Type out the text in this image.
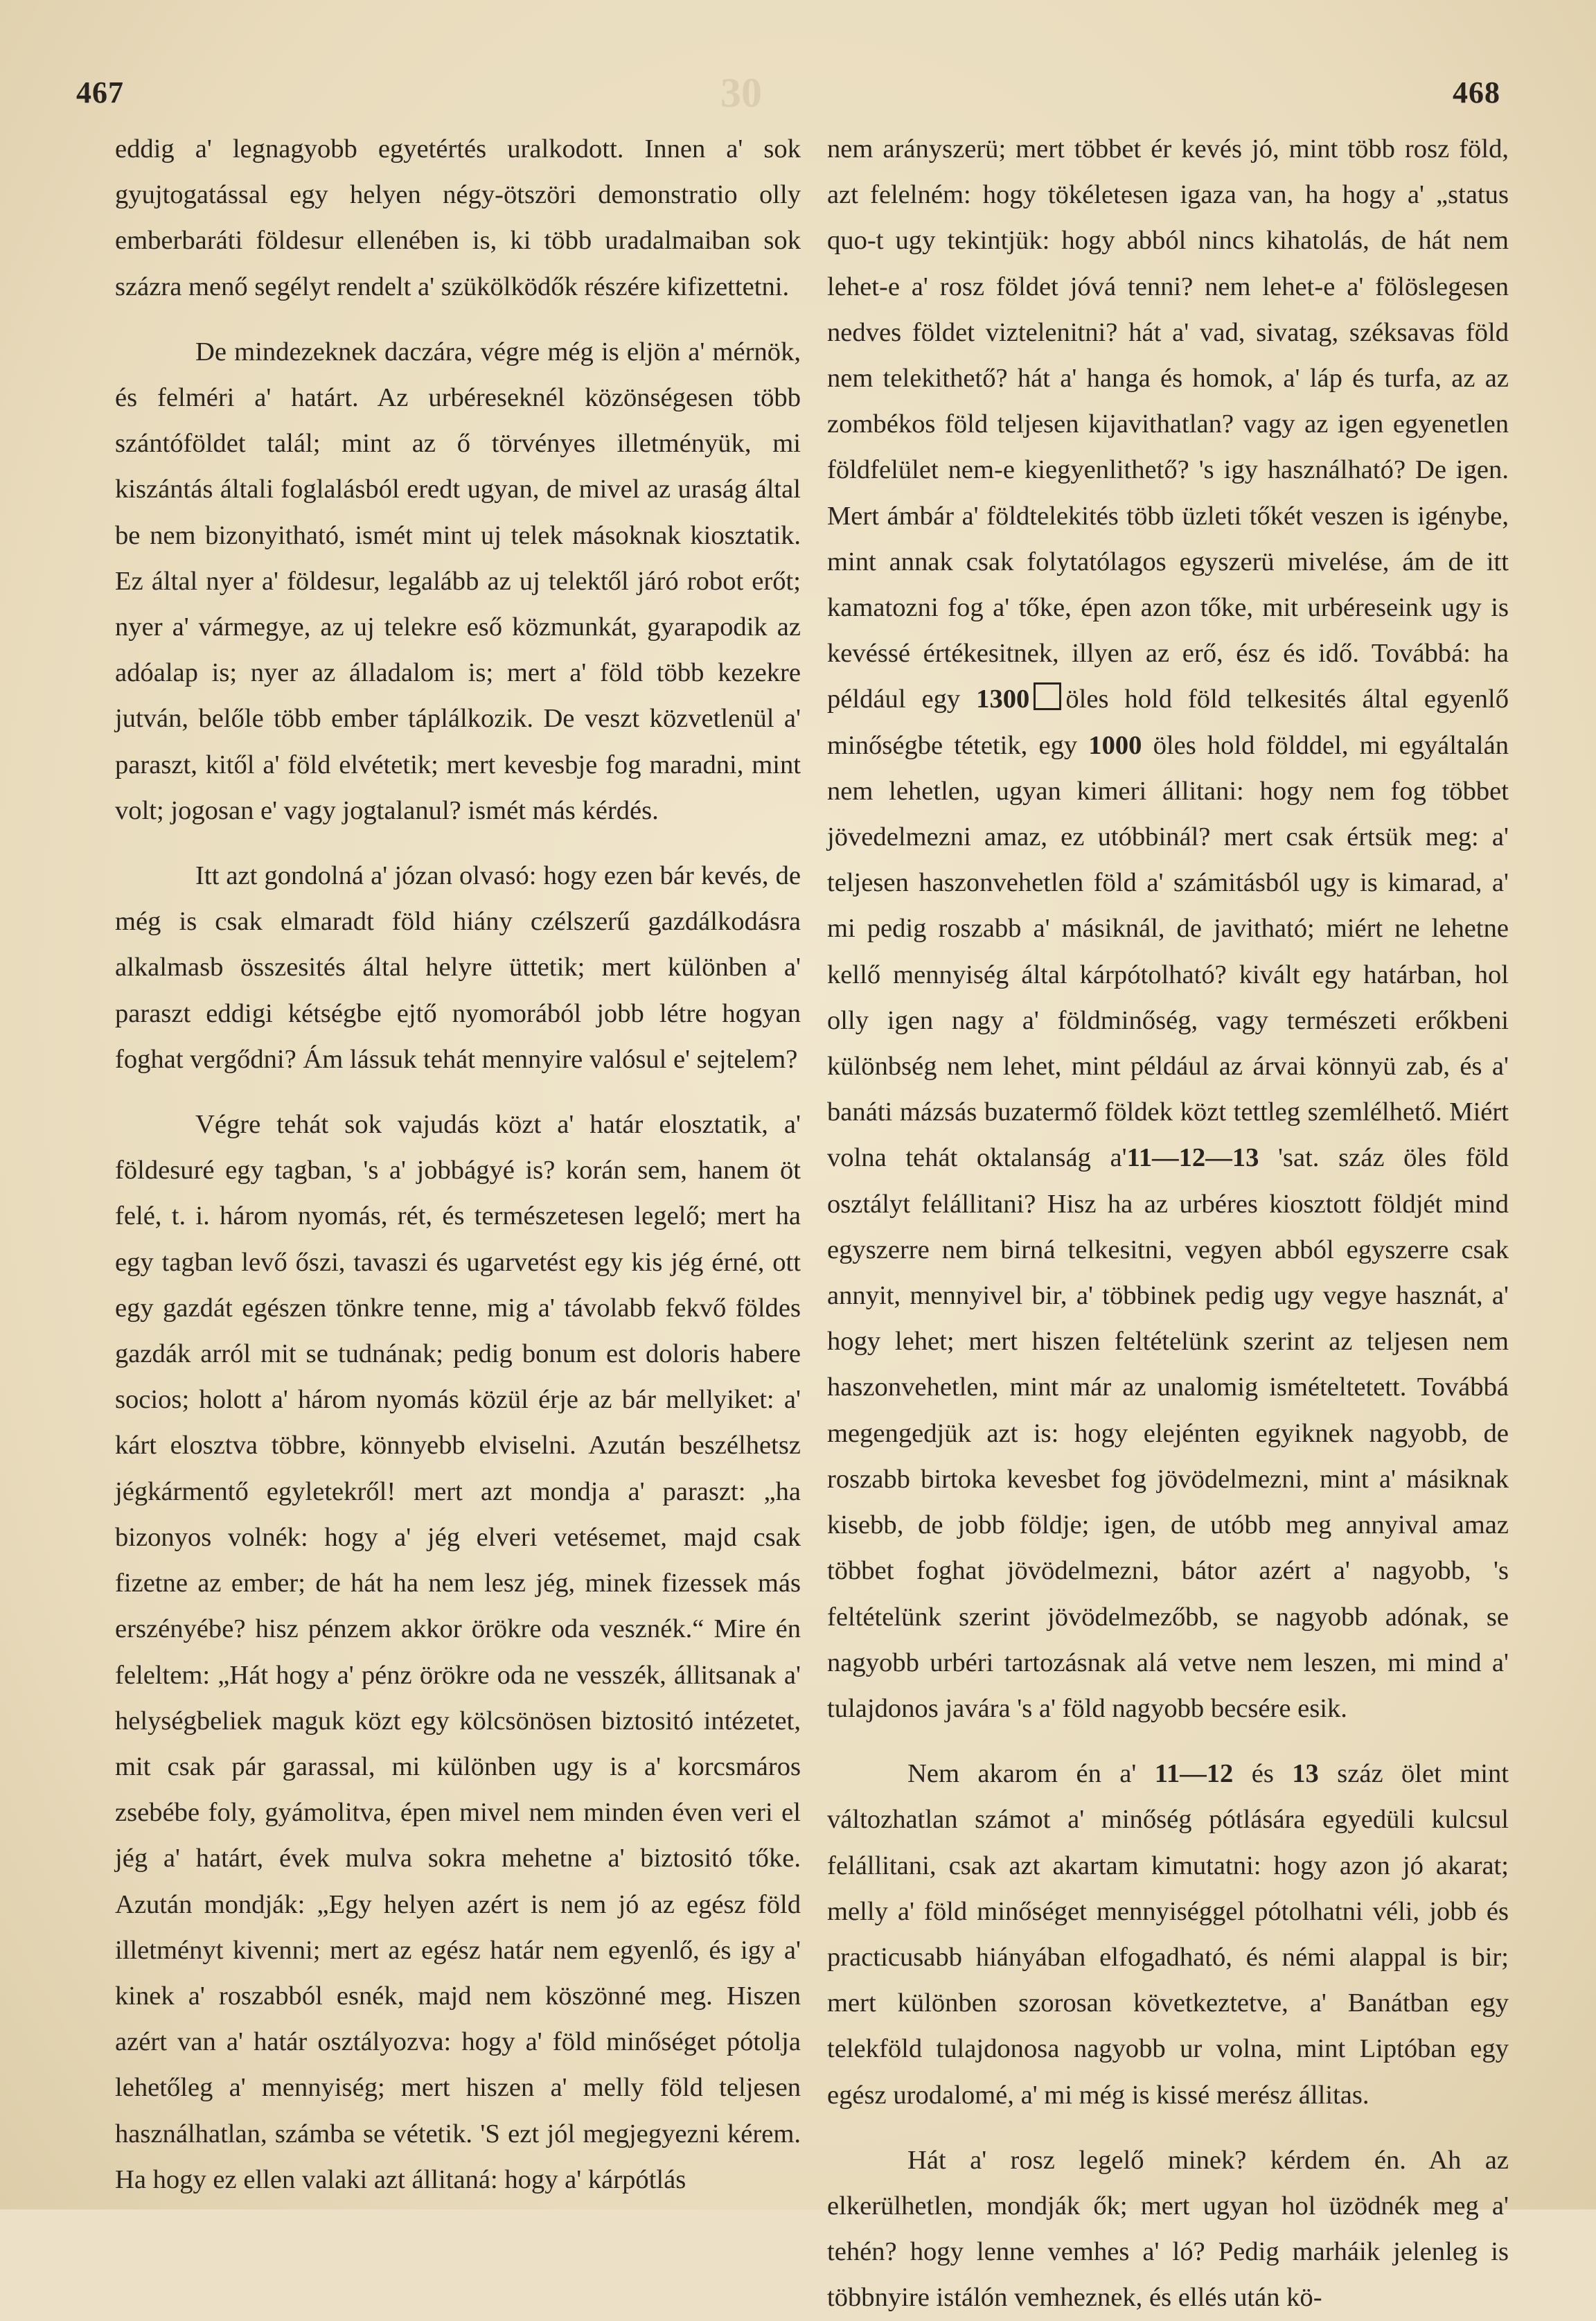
30
467	468

eddig a' legnagyobb egyetértés uralkodott. Innen a' sok gyujtogatással egy helyen négy-ötszöri demonstratio olly emberbaráti földesur ellenében is, ki több uradalmaiban sok százra menő segélyt rendelt a' szükölködők részére kifizettetni.

De mindezeknek daczára, végre még is eljön a' mérnök, és felméri a' határt. Az urbéreseknél közönségesen több szántóföldet talál; mint az ő törvényes illetményük, mi kiszántás általi foglalásból eredt ugyan, de mivel az uraság által be nem bizonyitható, ismét mint uj telek másoknak kiosztatik. Ez által nyer a' földesur, legalább az uj telektől járó robot erőt; nyer a' vármegye, az uj telekre eső közmunkát, gyarapodik az adóalap is; nyer az álladalom is; mert a' föld több kezekre jutván, belőle több ember táplálkozik. De veszt közvetlenül a' paraszt, kitől a' föld elvétetik; mert kevesbje fog maradni, mint volt; jogosan e' vagy jogtalanul? ismét más kérdés.

Itt azt gondolná a' józan olvasó: hogy ezen bár kevés, de még is csak elmaradt föld hiány czélszerű gazdálkodásra alkalmasb összesités által helyre üttetik; mert különben a' paraszt eddigi kétségbe ejtő nyomorából jobb létre hogyan foghat vergődni? Ám lássuk tehát mennyire valósul e' sejtelem?

Végre tehát sok vajudás közt a' határ elosztatik, a' földesuré egy tagban, 's a' jobbágyé is? korán sem, hanem öt felé, t. i. három nyomás, rét, és természetesen legelő; mert ha egy tagban levő őszi, tavaszi és ugarvetést egy kis jég érné, ott egy gazdát egészen tönkre tenne, mig a' távolabb fekvő földes gazdák arról mit se tudnának; pedig bonum est doloris habere socios; holott a' három nyomás közül érje az bár mellyiket: a' kárt elosztva többre, könnyebb elviselni. Azután beszélhetsz jégkármentő egyletekről! mert azt mondja a' paraszt: „ha bizonyos volnék: hogy a' jég elveri vetésemet, majd csak fizetne az ember; de hát ha nem lesz jég, minek fizessek más erszényébe? hisz pénzem akkor örökre oda vesznék.“ Mire én feleltem: „Hát hogy a' pénz örökre oda ne vesszék, állitsanak a' helységbeliek maguk közt egy kölcsönösen biztositó intézetet, mit csak pár garassal, mi különben ugy is a' korcsmáros zsebébe foly, gyámolitva, épen mivel nem minden éven veri el jég a' határt, évek mulva sokra mehetne a' biztositó tőke. Azután mondják: „Egy helyen azért is nem jó az egész föld illetményt kivenni; mert az egész határ nem egyenlő, és igy a' kinek a' roszabból esnék, majd nem köszönné meg. Hiszen azért van a' határ osztályozva: hogy a' föld minőséget pótolja lehetőleg a' mennyiség; mert hiszen a' melly föld teljesen használhatlan, számba se vétetik. 'S ezt jól megjegyezni kérem. Ha hogy ez ellen valaki azt állitaná: hogy a' kárpótlás

nem arányszerü; mert többet ér kevés jó, mint több rosz föld, azt felelném: hogy tökéletesen igaza van, ha hogy a' „status quo-t ugy tekintjük: hogy abból nincs kihatolás, de hát nem lehet-e a' rosz földet jóvá tenni? nem lehet-e a' fölöslegesen nedves földet viztelenitni? hát a' vad, sivatag, széksavas föld nem telekithető? hát a' hanga és homok, a' láp és turfa, az az zombékos föld teljesen kijavithatlan? vagy az igen egyenetlen földfelület nem-e kiegyenlithető? 's igy használható? De igen. Mert ámbár a' földtelekités több üzleti tőkét veszen is igénybe, mint annak csak folytatólagos egyszerü mivelése, ám de itt kamatozni fog a' tőke, épen azon tőke, mit urbéreseink ugy is kevéssé értékesitnek, illyen az erő, ész és idő. Továbbá: ha például egy 1300 öles hold föld telkesités által egyenlő minőségbe tétetik, egy 1000 öles hold földdel, mi egyáltalán nem lehetlen, ugyan kimeri állitani: hogy nem fog többet jövedelmezni amaz, ez utóbbinál? mert csak értsük meg: a' teljesen haszonvehetlen föld a' számitásból ugy is kimarad, a' mi pedig roszabb a' másiknál, de javitható; miért ne lehetne kellő mennyiség által kárpótolható? kivált egy határban, hol olly igen nagy a' földminőség, vagy természeti erőkbeni különbség nem lehet, mint például az árvai könnyü zab, és a' banáti mázsás buzatermő földek közt tettleg szemlélhető. Miért volna tehát oktalanság a'11—12—13 'sat. száz öles föld osztályt felállitani? Hisz ha az urbéres kiosztott földjét mind egyszerre nem birná telkesitni, vegyen abból egyszerre csak annyit, mennyivel bir, a' többinek pedig ugy vegye hasznát, a' hogy lehet; mert hiszen feltételünk szerint az teljesen nem haszonvehetlen, mint már az unalomig ismételtetett. Továbbá megengedjük azt is: hogy elejénten egyiknek nagyobb, de roszabb birtoka kevesbet fog jövödelmezni, mint a' másiknak kisebb, de jobb földje; igen, de utóbb meg annyival amaz többet foghat jövödelmezni, bátor azért a' nagyobb, 's feltételünk szerint jövödelmezőbb, se nagyobb adónak, se nagyobb urbéri tartozásnak alá vetve nem leszen, mi mind a' tulajdonos javára 's a' föld nagyobb becsére esik.

Nem akarom én a' 11—12 és 13 száz ölet mint változhatlan számot a' minőség pótlására egyedüli kulcsul felállitani, csak azt akartam kimutatni: hogy azon jó akarat; melly a' föld minőséget mennyiséggel pótolhatni véli, jobb és practicusabb hiányában elfogadható, és némi alappal is bir; mert különben szorosan következtetve, a' Banátban egy telekföld tulajdonosa nagyobb ur volna, mint Liptóban egy egész urodalomé, a' mi még is kissé merész állitas.

Hát a' rosz legelő minek? kérdem én. Ah az elkerülhetlen, mondják ők; mert ugyan hol üzödnék meg a' tehén? hogy lenne vemhes a' ló? Pedig marháik jelenleg is többnyire istálón vemheznek, és ellés után kö-
